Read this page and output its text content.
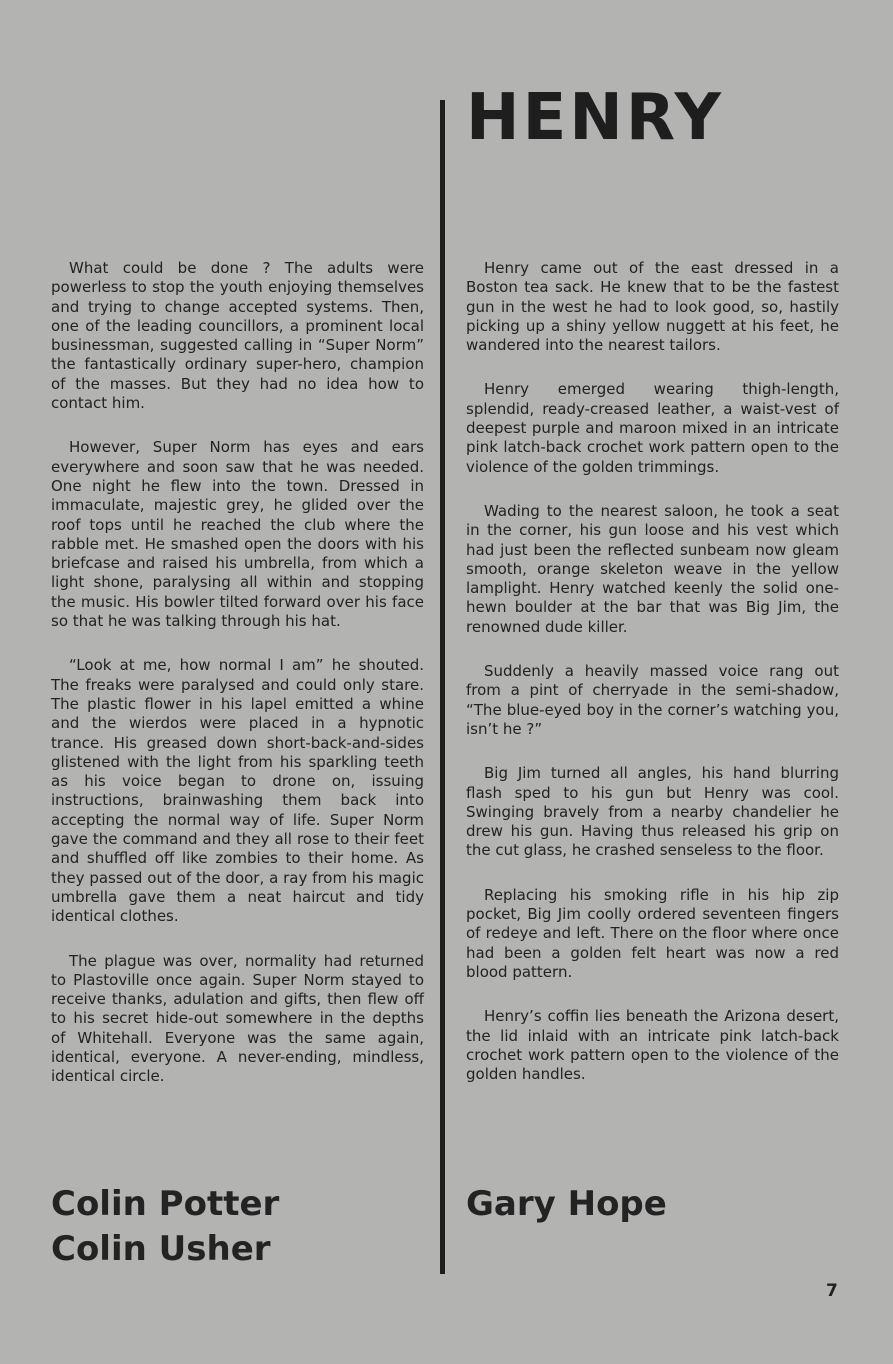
HENRY

What could be done ? The adults were powerless to stop the youth enjoying themselves and trying to change accepted systems. Then, one of the leading councillors, a prominent local businessman, suggested calling in “Super Norm” the fantastically ordinary super-hero, champion of the masses. But they had no idea how to contact him.

However, Super Norm has eyes and ears everywhere and soon saw that he was needed. One night he flew into the town. Dressed in immaculate, majestic grey, he glided over the roof tops until he reached the club where the rabble met. He smashed open the doors with his briefcase and raised his umbrella, from which a light shone, paralysing all within and stopping the music. His bowler tilted forward over his face so that he was talking through his hat.

“Look at me, how normal I am” he shouted. The freaks were paralysed and could only stare. The plastic flower in his lapel emitted a whine and the wierdos were placed in a hypnotic trance. His greased down short-back-and-sides glistened with the light from his sparkling teeth as his voice began to drone on, issuing instructions, brainwashing them back into accepting the normal way of life. Super Norm gave the command and they all rose to their feet and shuffled off like zombies to their home. As they passed out of the door, a ray from his magic umbrella gave them a neat haircut and tidy identical clothes.

The plague was over, normality had returned to Plastoville once again. Super Norm stayed to receive thanks, adulation and gifts, then flew off to his secret hide-out somewhere in the depths of Whitehall. Everyone was the same again, identical, everyone. A never-ending, mindless, identical circle.

Henry came out of the east dressed in a Boston tea sack. He knew that to be the fastest gun in the west he had to look good, so, hastily picking up a shiny yellow nuggett at his feet, he wandered into the nearest tailors.

Henry emerged wearing thigh-length, splendid, ready-creased leather, a waist-vest of deepest purple and maroon mixed in an intricate pink latch-back crochet work pattern open to the violence of the golden trimmings.

Wading to the nearest saloon, he took a seat in the corner, his gun loose and his vest which had just been the reflected sunbeam now gleam smooth, orange skeleton weave in the yellow lamplight. Henry watched keenly the solid one-hewn boulder at the bar that was Big Jim, the renowned dude killer.

Suddenly a heavily massed voice rang out from a pint of cherryade in the semi-shadow, “The blue-eyed boy in the corner’s watching you, isn’t he ?”

Big Jim turned all angles, his hand blurring flash sped to his gun but Henry was cool. Swinging bravely from a nearby chandelier he drew his gun. Having thus released his grip on the cut glass, he crashed senseless to the floor.

Replacing his smoking rifle in his hip zip pocket, Big Jim coolly ordered seventeen fingers of redeye and left. There on the floor where once had been a golden felt heart was now a red blood pattern.

Henry’s coffin lies beneath the Arizona desert, the lid inlaid with an intricate pink latch-back crochet work pattern open to the violence of the golden handles.

Colin Potter
Colin Usher
Gary Hope
7
